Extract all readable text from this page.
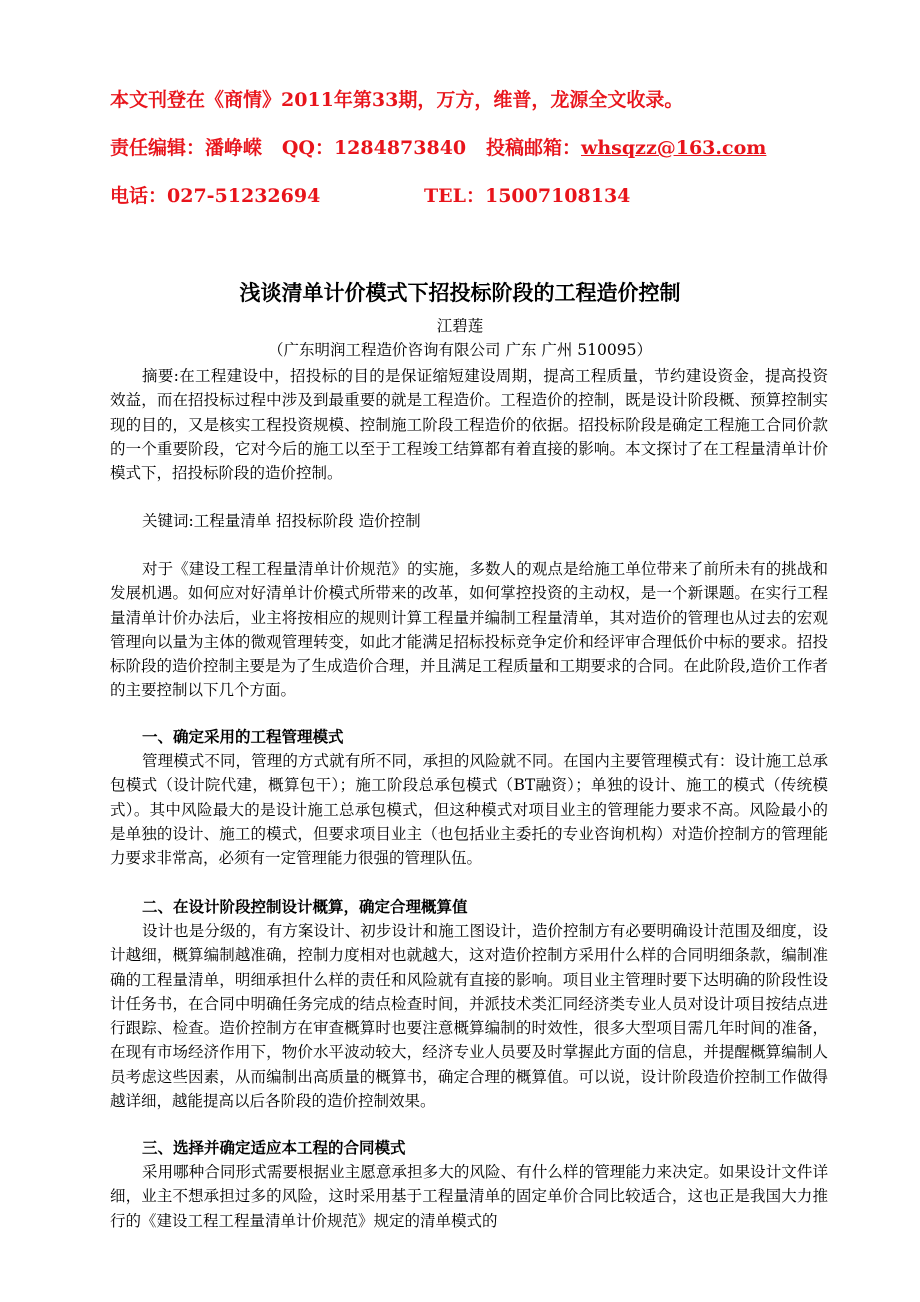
本文刊登在《商情》2011年第33期，万方，维普，龙源全文收录。
责任编辑：潘峥嵘   QQ：1284873840   投稿邮箱：whsqzz@163.com
电话：027-51232694	TEL：15007108134
浅谈清单计价模式下招投标阶段的工程造价控制
江碧莲
（广东明润工程造价咨询有限公司 广东 广州 510095）
摘要:在工程建设中，招投标的目的是保证缩短建设周期，提高工程质量，节约建设资金，提高投资效益，而在招投标过程中涉及到最重要的就是工程造价。工程造价的控制，既是设计阶段概、预算控制实现的目的，又是核实工程投资规模、控制施工阶段工程造价的依据。招投标阶段是确定工程施工合同价款的一个重要阶段，它对今后的施工以至于工程竣工结算都有着直接的影响。本文探讨了在工程量清单计价模式下，招投标阶段的造价控制。
关键词:工程量清单 招投标阶段 造价控制
对于《建设工程工程量清单计价规范》的实施，多数人的观点是给施工单位带来了前所未有的挑战和发展机遇。如何应对好清单计价模式所带来的改革，如何掌控投资的主动权，是一个新课题。在实行工程量清单计价办法后，业主将按相应的规则计算工程量并编制工程量清单，其对造价的管理也从过去的宏观管理向以量为主体的微观管理转变，如此才能满足招标投标竞争定价和经评审合理低价中标的要求。招投标阶段的造价控制主要是为了生成造价合理，并且满足工程质量和工期要求的合同。在此阶段,造价工作者的主要控制以下几个方面。
一、确定采用的工程管理模式
管理模式不同，管理的方式就有所不同，承担的风险就不同。在国内主要管理模式有：设计施工总承包模式（设计院代建，概算包干）；施工阶段总承包模式（BT融资）；单独的设计、施工的模式（传统模式）。其中风险最大的是设计施工总承包模式，但这种模式对项目业主的管理能力要求不高。风险最小的是单独的设计、施工的模式，但要求项目业主（也包括业主委托的专业咨询机构）对造价控制方的管理能力要求非常高，必须有一定管理能力很强的管理队伍。
二、在设计阶段控制设计概算，确定合理概算值
设计也是分级的，有方案设计、初步设计和施工图设计，造价控制方有必要明确设计范围及细度，设计越细，概算编制越准确，控制力度相对也就越大，这对造价控制方采用什么样的合同明细条款，编制准确的工程量清单，明细承担什么样的责任和风险就有直接的影响。项目业主管理时要下达明确的阶段性设计任务书，在合同中明确任务完成的结点检查时间，并派技术类汇同经济类专业人员对设计项目按结点进行跟踪、检查。造价控制方在审查概算时也要注意概算编制的时效性，很多大型项目需几年时间的准备，在现有市场经济作用下，物价水平波动较大，经济专业人员要及时掌握此方面的信息，并提醒概算编制人员考虑这些因素，从而编制出高质量的概算书，确定合理的概算值。可以说，设计阶段造价控制工作做得越详细，越能提高以后各阶段的造价控制效果。
三、选择并确定适应本工程的合同模式
采用哪种合同形式需要根据业主愿意承担多大的风险、有什么样的管理能力来决定。如果设计文件详细，业主不想承担过多的风险，这时采用基于工程量清单的固定单价合同比较适合，这也正是我国大力推行的《建设工程工程量清单计价规范》规定的清单模式的
